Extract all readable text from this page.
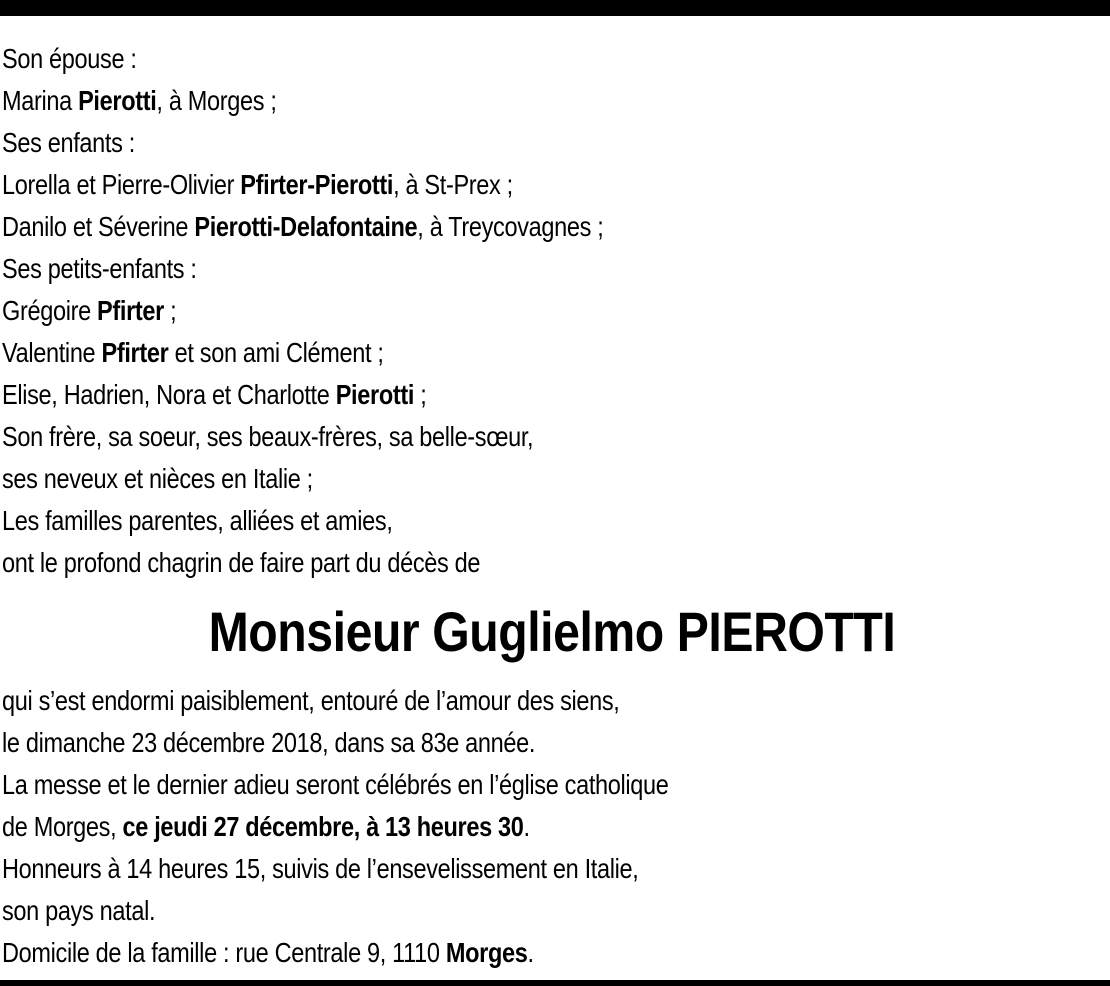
Son épouse :
Marina Pierotti, à Morges ;
Ses enfants :
Lorella et Pierre-Olivier Pfirter-Pierotti, à St-Prex ;
Danilo et Séverine Pierotti-Delafontaine, à Treycovagnes ;
Ses petits-enfants :
Grégoire Pfirter ;
Valentine Pfirter et son ami Clément ;
Elise, Hadrien, Nora et Charlotte Pierotti ;
Son frère, sa soeur, ses beaux-frères, sa belle-sœur,
ses neveux et nièces en Italie ;
Les familles parentes, alliées et amies,
ont le profond chagrin de faire part du décès de
Monsieur Guglielmo PIEROTTI
qui s’est endormi paisiblement, entouré de l’amour des siens,
le dimanche 23 décembre 2018, dans sa 83e année.
La messe et le dernier adieu seront célébrés en l’église catholique
de Morges, ce jeudi 27 décembre, à 13 heures 30.
Honneurs à 14 heures 15, suivis de l’ensevelissement en Italie,
son pays natal.
Domicile de la famille : rue Centrale 9, 1110 Morges.
